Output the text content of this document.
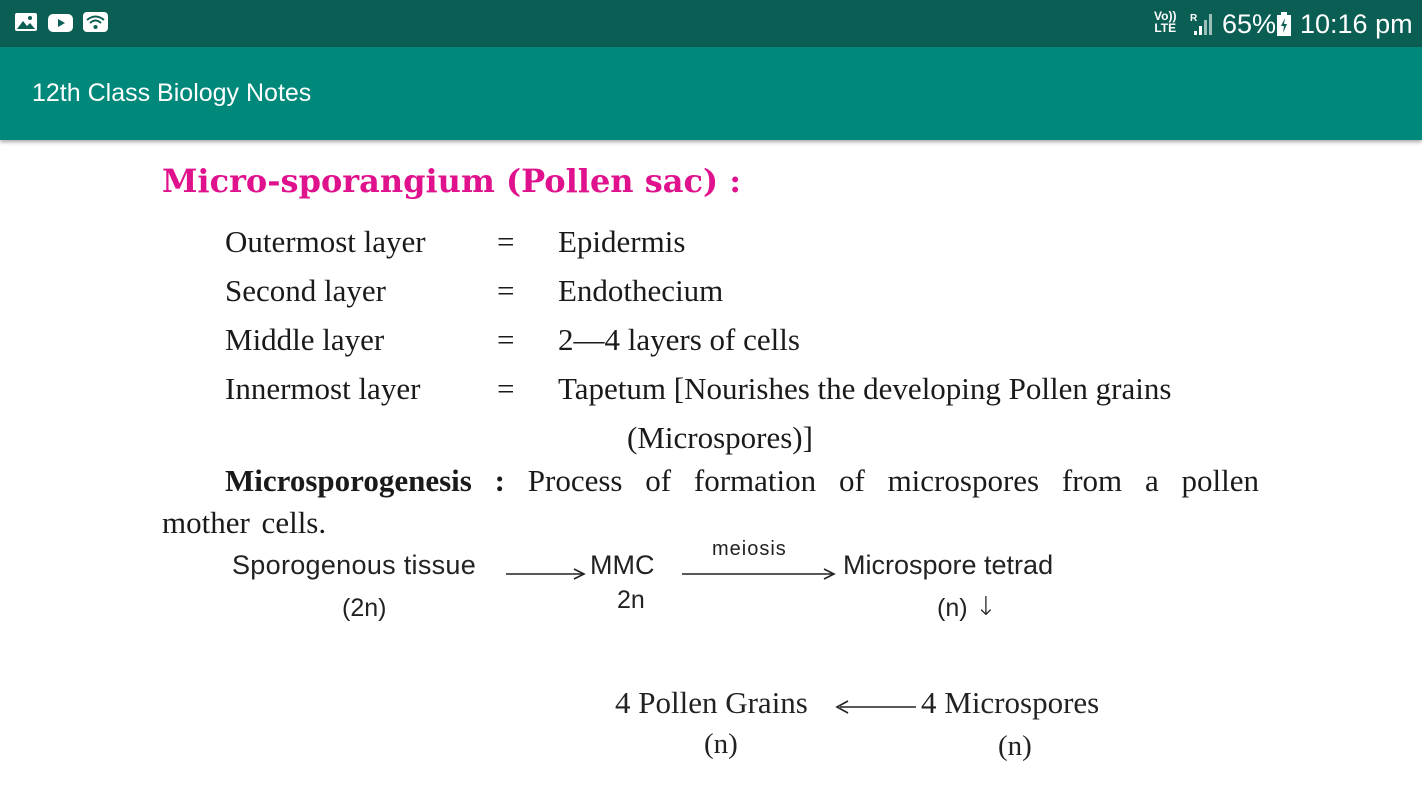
Vo))
LTE
R 65% 10:16 pm
12th Class Biology Notes
Micro-sporangium (Pollen sac) :
Outermost layer = Epidermis
Second layer	= Endothecium
Middle layer	= 2—4 layers of cells
Innermost layer = Tapetum [Nourishes the developing Pollen grains
(Microspores)]
Microsporogenesis : Process of formation of microspores from a pollen mother cells.
Sporogenous tissue
(2n)
MMC
2n
meiosis
Microspore tetrad
(n) ↓
4 Pollen Grains
(n)
4 Microspores
(n)
